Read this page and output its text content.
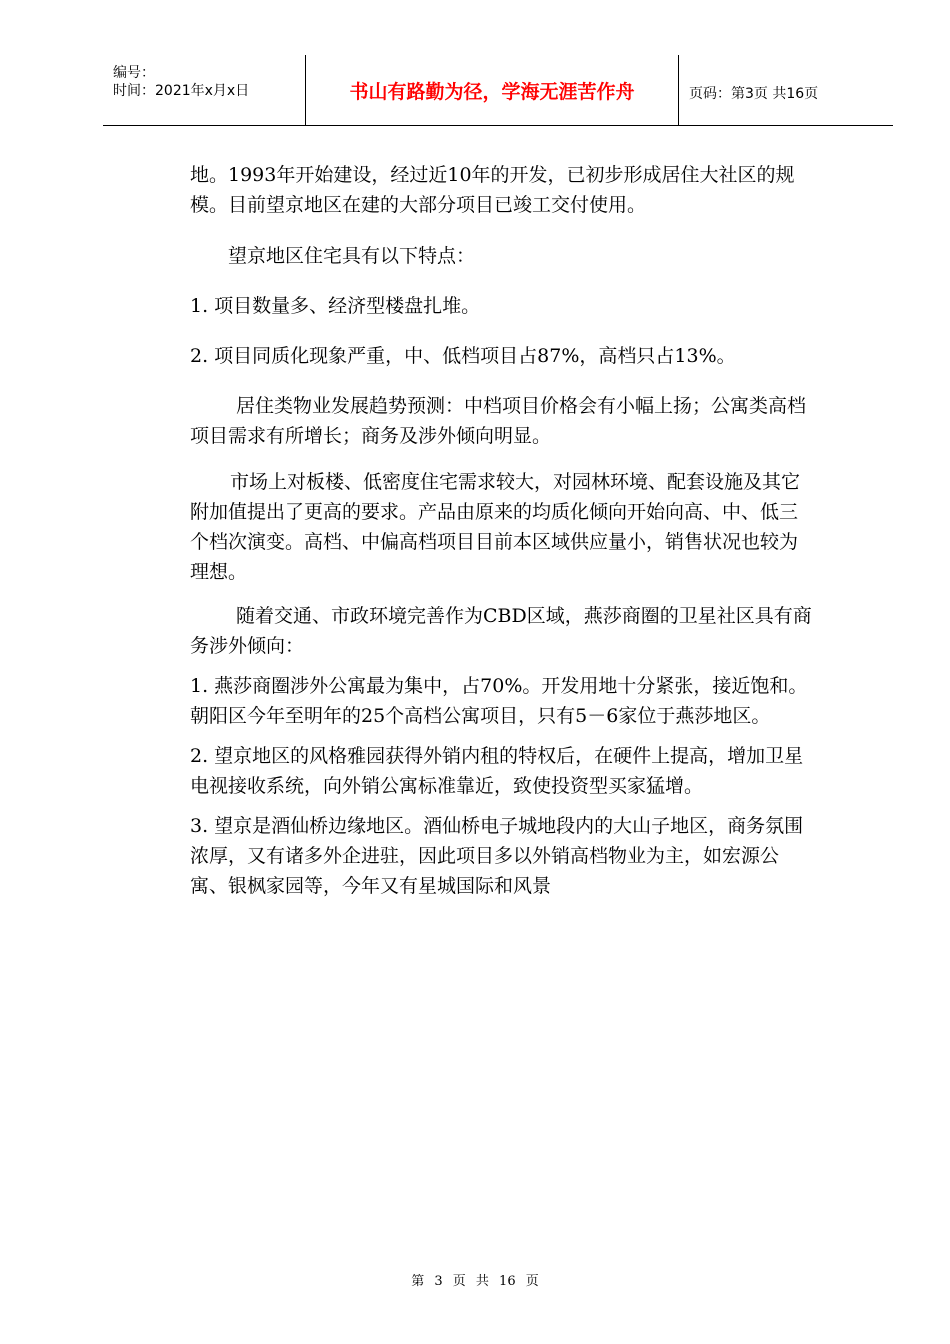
编号：
时间：2021年x月x日	书山有路勤为径，学海无涯苦作舟	页码：第3页 共16页

地。1993年开始建设，经过近10年的开发，已初步形成居住大社区的规模。目前望京地区在建的大部分项目已竣工交付使用。

望京地区住宅具有以下特点：

1. 项目数量多、经济型楼盘扎堆。

2. 项目同质化现象严重，中、低档项目占87%，高档只占13%。

居住类物业发展趋势预测：中档项目价格会有小幅上扬；公寓类高档项目需求有所增长；商务及涉外倾向明显。

市场上对板楼、低密度住宅需求较大，对园林环境、配套设施及其它附加值提出了更高的要求。产品由原来的均质化倾向开始向高、中、低三个档次演变。高档、中偏高档项目目前本区域供应量小，销售状况也较为理想。

随着交通、市政环境完善作为CBD区域，燕莎商圈的卫星社区具有商务涉外倾向：

1. 燕莎商圈涉外公寓最为集中，占70%。开发用地十分紧张，接近饱和。朝阳区今年至明年的25个高档公寓项目，只有5－6家位于燕莎地区。

2. 望京地区的风格雅园获得外销内租的特权后，在硬件上提高，增加卫星电视接收系统，向外销公寓标准靠近，致使投资型买家猛增。

3. 望京是酒仙桥边缘地区。酒仙桥电子城地段内的大山子地区，商务氛围浓厚，又有诸多外企进驻，因此项目多以外销高档物业为主，如宏源公寓、银枫家园等，今年又有星城国际和风景

第 3 页 共 16 页
